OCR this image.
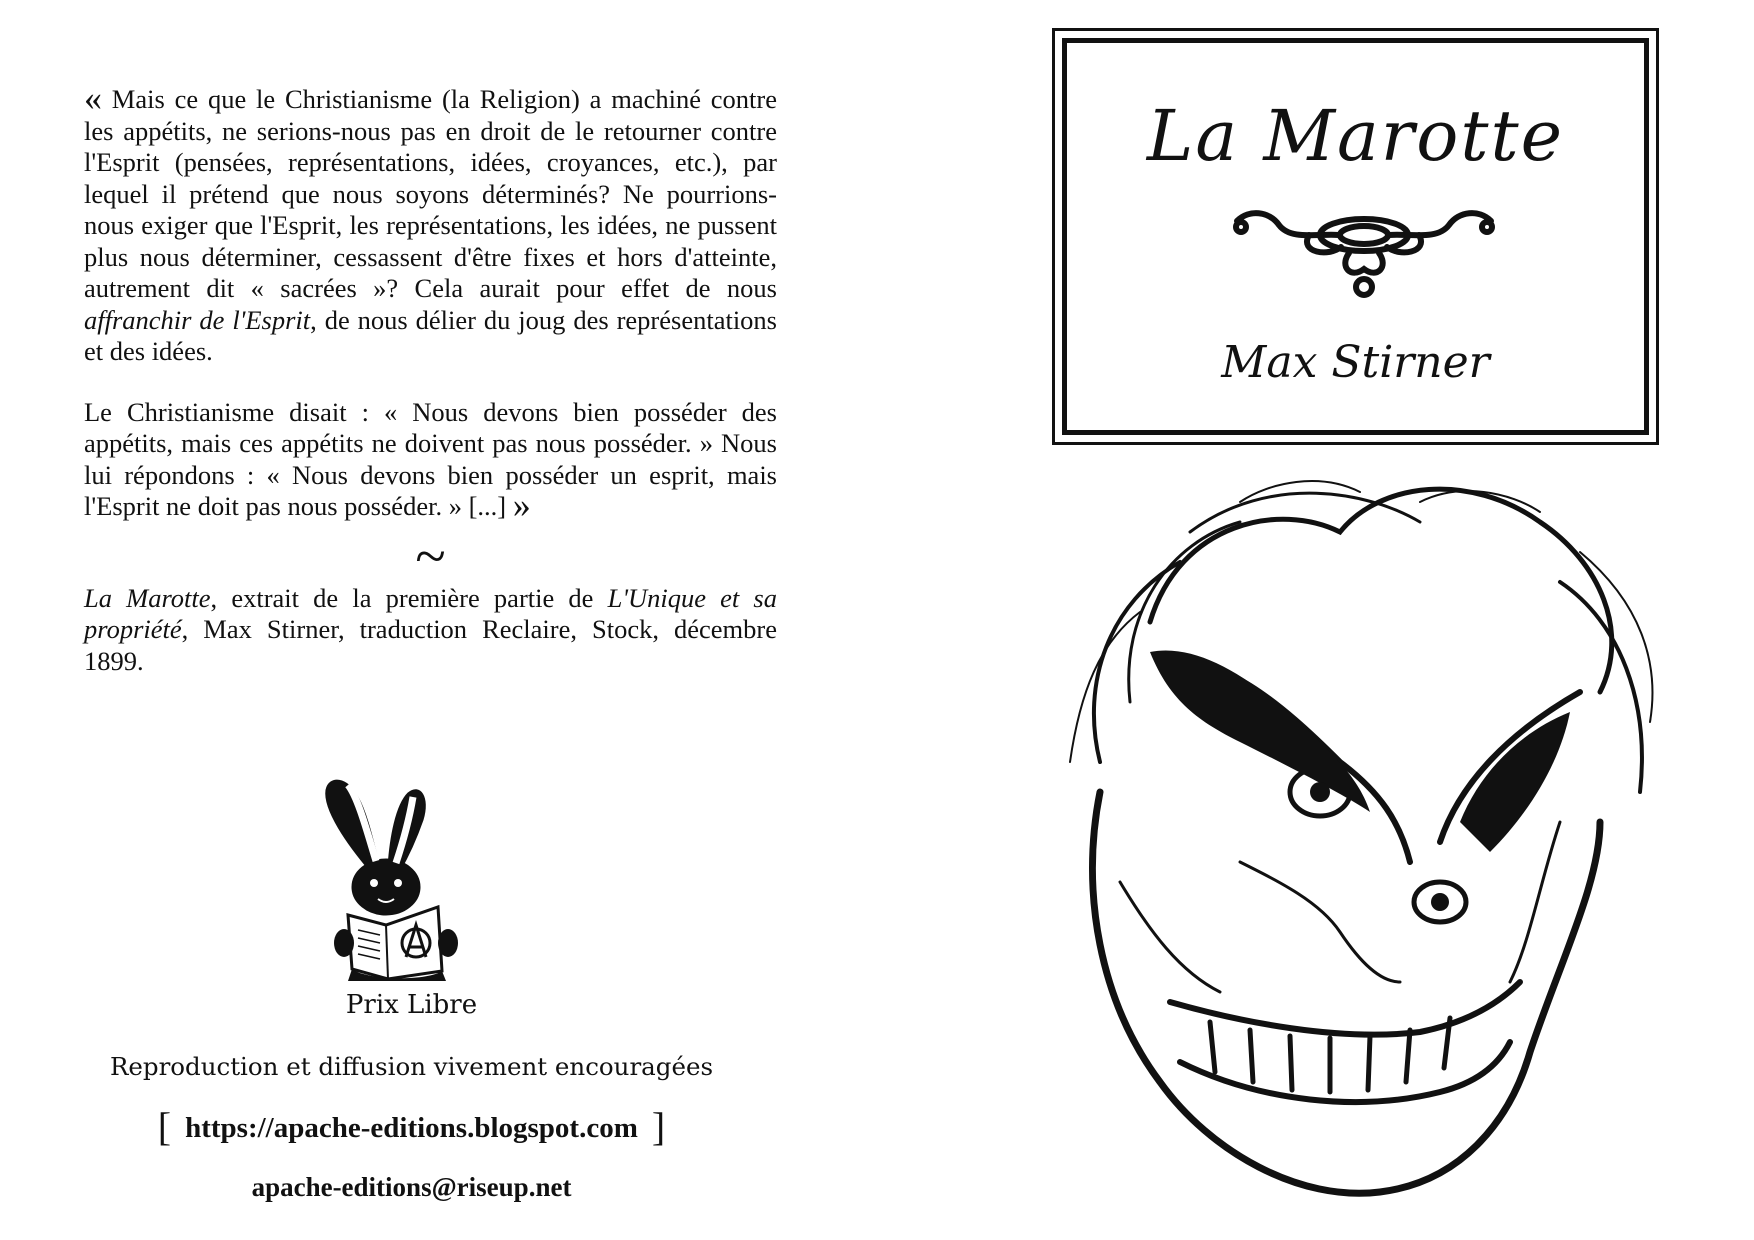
« Mais ce que le Christianisme (la Religion) a machiné contre les appétits, ne serions-nous pas en droit de le retourner contre l'Esprit (pensées, représentations, idées, croyances, etc.), par lequel il prétend que nous soyons déterminés? Ne pourrions-nous exiger que l'Esprit, les représentations, les idées, ne pussent plus nous déterminer, cessassent d'être fixes et hors d'atteinte, autrement dit « sacrées »? Cela aurait pour effet de nous affranchir de l'Esprit, de nous délier du joug des représentations et des idées.

Le Christianisme disait : « Nous devons bien posséder des appétits, mais ces appétits ne doivent pas nous posséder. » Nous lui répondons : « Nous devons bien posséder un esprit, mais l'Esprit ne doit pas nous posséder. » [...] »

~

La Marotte, extrait de la première partie de L'Unique et sa propriété, Max Stirner, traduction Reclaire, Stock, décembre 1899.

Prix Libre
Reproduction et diffusion vivement encouragées
[ https://apache-editions.blogspot.com ]
apache-editions@riseup.net
La Marotte
Max Stirner
